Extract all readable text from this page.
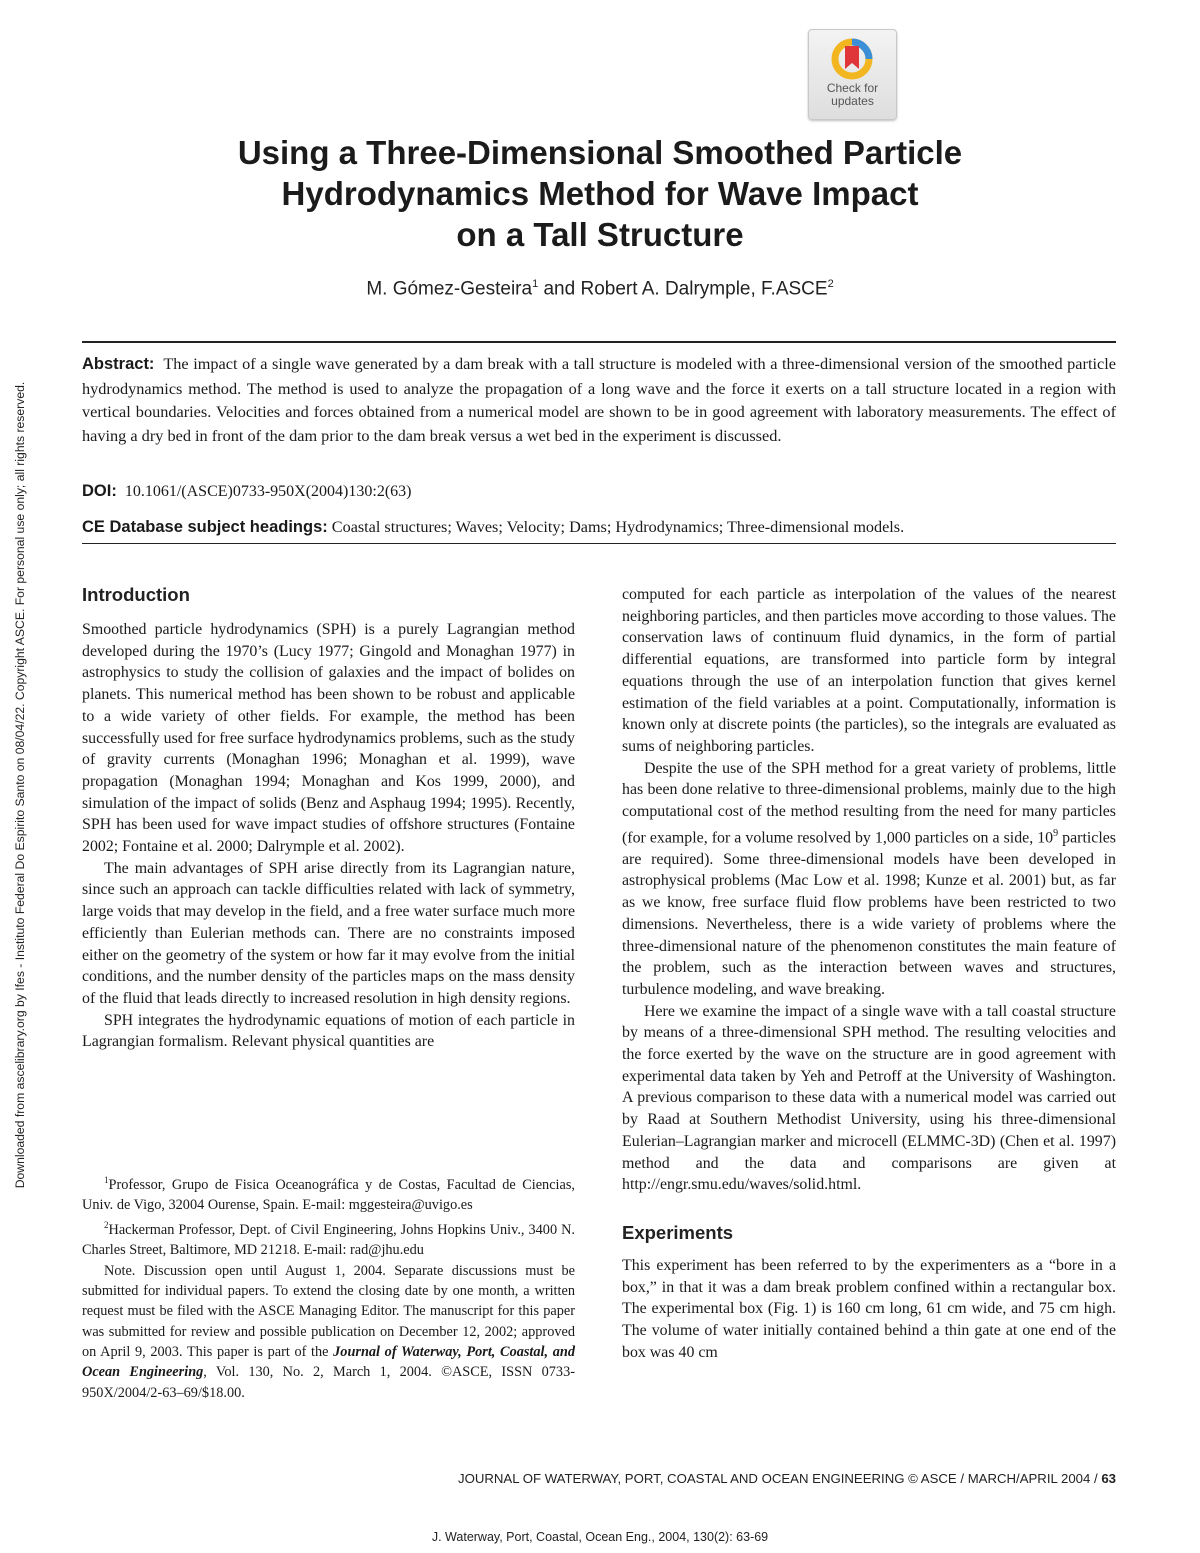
Downloaded from ascelibrary.org by Ifes - Instituto Federal Do Espirito Santo on 08/04/22. Copyright ASCE. For personal use only; all rights reserved.
Check for
updates
Using a Three-Dimensional Smoothed Particle
Hydrodynamics Method for Wave Impact
on a Tall Structure
M. Gómez-Gesteira$^1$ and Robert A. Dalrymple, F.ASCE$^2$

Abstract: The impact of a single wave generated by a dam break with a tall structure is modeled with a three-dimensional version of the smoothed particle hydrodynamics method. The method is used to analyze the propagation of a long wave and the force it exerts on a tall structure located in a region with vertical boundaries. Velocities and forces obtained from a numerical model are shown to be in good agreement with laboratory measurements. The effect of having a dry bed in front of the dam prior to the dam break versus a wet bed in the experiment is discussed.

DOI: 10.1061/(ASCE)0733-950X(2004)130:2(63)
CE Database subject headings: Coastal structures; Waves; Velocity; Dams; Hydrodynamics; Three-dimensional models.
Introduction

Smoothed particle hydrodynamics (SPH) is a purely Lagrangian method developed during the 1970’s (Lucy 1977; Gingold and Monaghan 1977) in astrophysics to study the collision of galaxies and the impact of bolides on planets. This numerical method has been shown to be robust and applicable to a wide variety of other fields. For example, the method has been successfully used for free surface hydrodynamics problems, such as the study of gravity currents (Monaghan 1996; Monaghan et al. 1999), wave propagation (Monaghan 1994; Monaghan and Kos 1999, 2000), and simulation of the impact of solids (Benz and Asphaug 1994; 1995). Recently, SPH has been used for wave impact studies of offshore structures (Fontaine 2002; Fontaine et al. 2000; Dalrymple et al. 2002).

The main advantages of SPH arise directly from its Lagrangian nature, since such an approach can tackle difficulties related with lack of symmetry, large voids that may develop in the field, and a free water surface much more efficiently than Eulerian methods can. There are no constraints imposed either on the geometry of the system or how far it may evolve from the initial conditions, and the number density of the particles maps on the mass density of the fluid that leads directly to increased resolution in high density regions.

SPH integrates the hydrodynamic equations of motion of each particle in Lagrangian formalism. Relevant physical quantities are

$^1$Professor, Grupo de Fisica Oceanográfica y de Costas, Facultad de Ciencias, Univ. de Vigo, 32004 Ourense, Spain. E-mail: mggesteira@uvigo.es

$^2$Hackerman Professor, Dept. of Civil Engineering, Johns Hopkins Univ., 3400 N. Charles Street, Baltimore, MD 21218. E-mail: rad@jhu.edu

Note. Discussion open until August 1, 2004. Separate discussions must be submitted for individual papers. To extend the closing date by one month, a written request must be filed with the ASCE Managing Editor. The manuscript for this paper was submitted for review and possible publication on December 12, 2002; approved on April 9, 2003. This paper is part of the Journal of Waterway, Port, Coastal, and Ocean Engineering, Vol. 130, No. 2, March 1, 2004. ©ASCE, ISSN 0733-950X/2004/2-63–69/$18.00.

computed for each particle as interpolation of the values of the nearest neighboring particles, and then particles move according to those values. The conservation laws of continuum fluid dynamics, in the form of partial differential equations, are transformed into particle form by integral equations through the use of an interpolation function that gives kernel estimation of the field variables at a point. Computationally, information is known only at discrete points (the particles), so the integrals are evaluated as sums of neighboring particles.

Despite the use of the SPH method for a great variety of problems, little has been done relative to three-dimensional problems, mainly due to the high computational cost of the method resulting from the need for many particles (for example, for a volume resolved by 1,000 particles on a side, $10^9$ particles are required). Some three-dimensional models have been developed in astrophysical problems (Mac Low et al. 1998; Kunze et al. 2001) but, as far as we know, free surface fluid flow problems have been restricted to two dimensions. Nevertheless, there is a wide variety of problems where the three-dimensional nature of the phenomenon constitutes the main feature of the problem, such as the interaction between waves and structures, turbulence modeling, and wave breaking.

Here we examine the impact of a single wave with a tall coastal structure by means of a three-dimensional SPH method. The resulting velocities and the force exerted by the wave on the structure are in good agreement with experimental data taken by Yeh and Petroff at the University of Washington. A previous comparison to these data with a numerical model was carried out by Raad at Southern Methodist University, using his three-dimensional Eulerian–Lagrangian marker and microcell (ELMMC-3D) (Chen et al. 1997) method and the data and comparisons are given at http://engr.smu.edu/waves/solid.html.

Experiments

This experiment has been referred to by the experimenters as a “bore in a box,” in that it was a dam break problem confined within a rectangular box. The experimental box (Fig. 1) is 160 cm long, 61 cm wide, and 75 cm high. The volume of water initially contained behind a thin gate at one end of the box was 40 cm

JOURNAL OF WATERWAY, PORT, COASTAL AND OCEAN ENGINEERING © ASCE / MARCH/APRIL 2004 / 63
J. Waterway, Port, Coastal, Ocean Eng., 2004, 130(2): 63-69
